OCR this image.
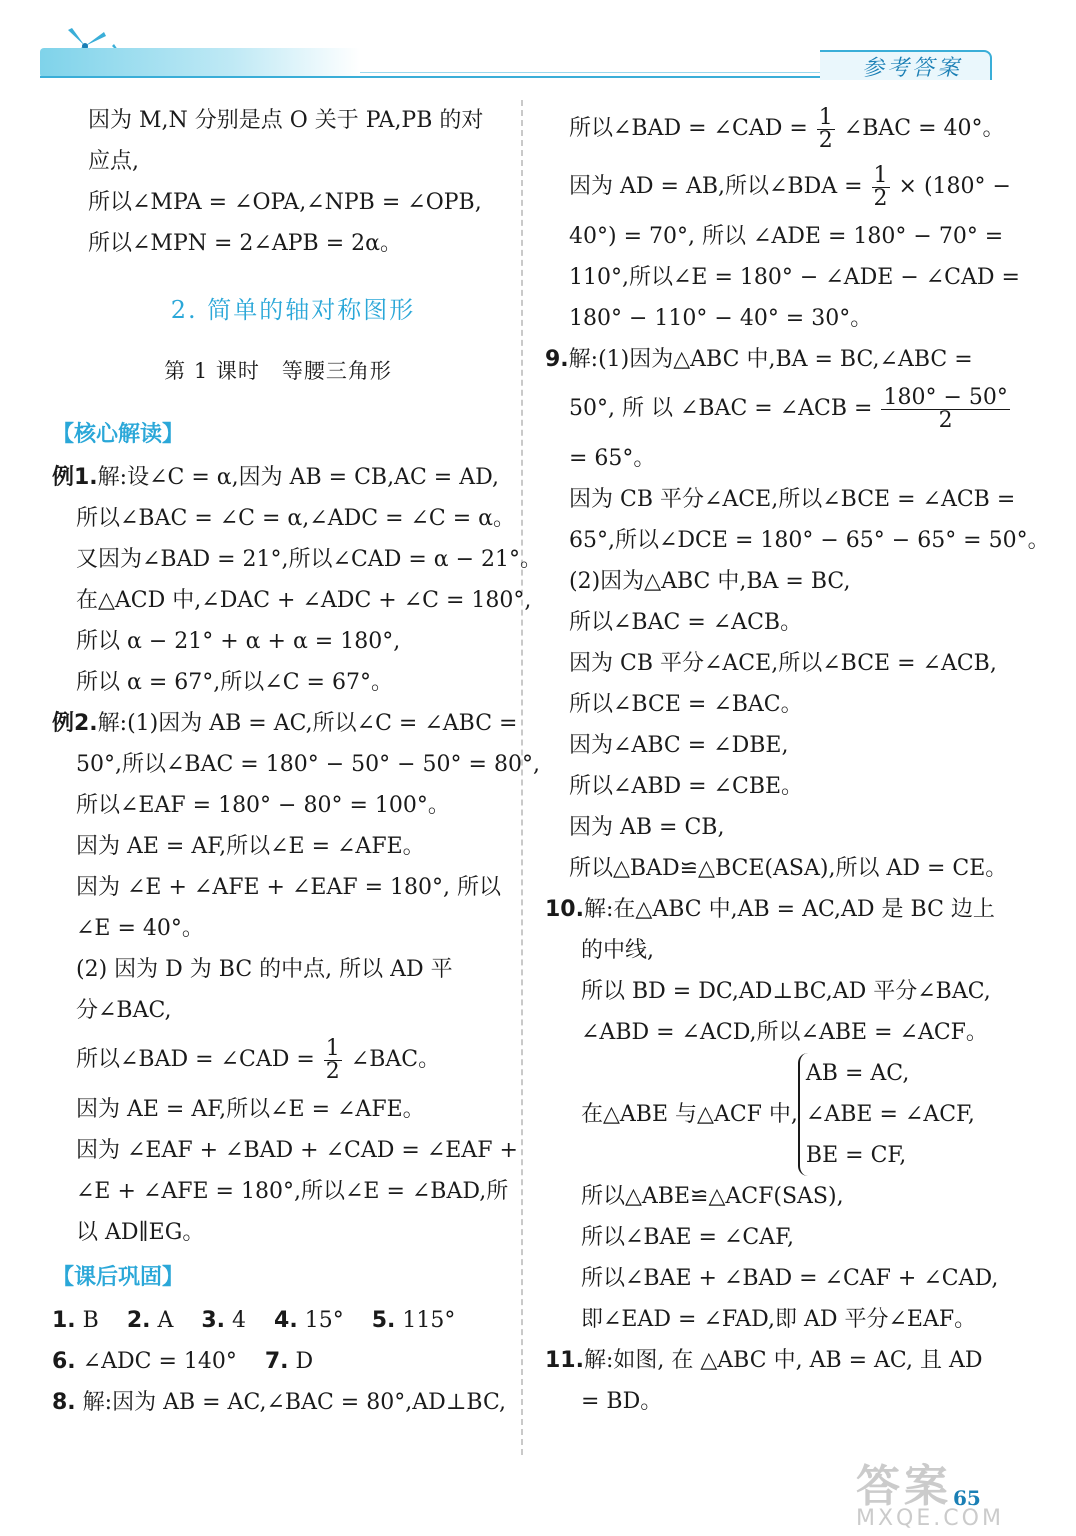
参考答案
因为 M,N 分别是点 O 关于 PA,PB 的对
应点,
所以∠MPA = ∠OPA,∠NPB = ∠OPB,
所以∠MPN = 2∠APB = 2α。
2. 简单的轴对称图形
第 1 课时　等腰三角形
【核心解读】
例1.解:设∠C = α,因为 AB = CB,AC = AD,
所以∠BAC = ∠C = α,∠ADC = ∠C = α。
又因为∠BAD = 21°,所以∠CAD = α − 21°。
在△ACD 中,∠DAC + ∠ADC + ∠C = 180°,
所以 α − 21° + α + α = 180°,
所以 α = 67°,所以∠C = 67°。
例2.解:(1)因为 AB = AC,所以∠C = ∠ABC =
50°,所以∠BAC = 180° − 50° − 50° = 80°,
所以∠EAF = 180° − 80° = 100°。
因为 AE = AF,所以∠E = ∠AFE。
因为 ∠E + ∠AFE + ∠EAF = 180°, 所以
∠E = 40°。
(2) 因为 D 为 BC 的中点, 所以 AD 平
分∠BAC,
所以∠BAD = ∠CAD = $\frac{1}{2}$ ∠BAC。
因为 AE = AF,所以∠E = ∠AFE。
因为 ∠EAF + ∠BAD + ∠CAD = ∠EAF +
∠E + ∠AFE = 180°,所以∠E = ∠BAD,所
以 AD∥EG。
【课后巩固】
1. B 2. A 3. 4 4. 15° 5. 115°
6. ∠ADC = 140° 7. D
8. 解:因为 AB = AC,∠BAC = 80°,AD⊥BC,
所以∠BAD = ∠CAD = $\frac{1}{2}$ ∠BAC = 40°。
因为 AD = AB,所以∠BDA = $\frac{1}{2} \times (180^\circ$ −
40°) = 70°, 所以 ∠ADE = 180° − 70° =
110°,所以∠E = 180° − ∠ADE − ∠CAD =
180° − 110° − 40° = 30°。
9.解:(1)因为△ABC 中,BA = BC,∠ABC =
50°, 所 以 ∠BAC = ∠ACB = $\frac{180^\circ - 50^\circ}{2}$
= 65°。
因为 CB 平分∠ACE,所以∠BCE = ∠ACB =
65°,所以∠DCE = 180° − 65° − 65° = 50°。
(2)因为△ABC 中,BA = BC,
所以∠BAC = ∠ACB。
因为 CB 平分∠ACE,所以∠BCE = ∠ACB,
所以∠BCE = ∠BAC。
因为∠ABC = ∠DBE,
所以∠ABD = ∠CBE。
因为 AB = CB,
所以△BAD≌△BCE(ASA),所以 AD = CE。
10.解:在△ABC 中,AB = AC,AD 是 BC 边上
的中线,
所以 BD = DC,AD⊥BC,AD 平分∠BAC,
∠ABD = ∠ACD,所以∠ABE = ∠ACF。
在△ABE 与△ACF 中,
AB = AC,
∠ABE = ∠ACF,
BE = CF,
所以△ABE≌△ACF(SAS),
所以∠BAE = ∠CAF,
所以∠BAE + ∠BAD = ∠CAF + ∠CAD,
即∠EAD = ∠FAD,即 AD 平分∠EAF。
11.解:如图, 在 △ABC 中, AB = AC, 且 AD
= BD。
65
答案
MXQE.COM
